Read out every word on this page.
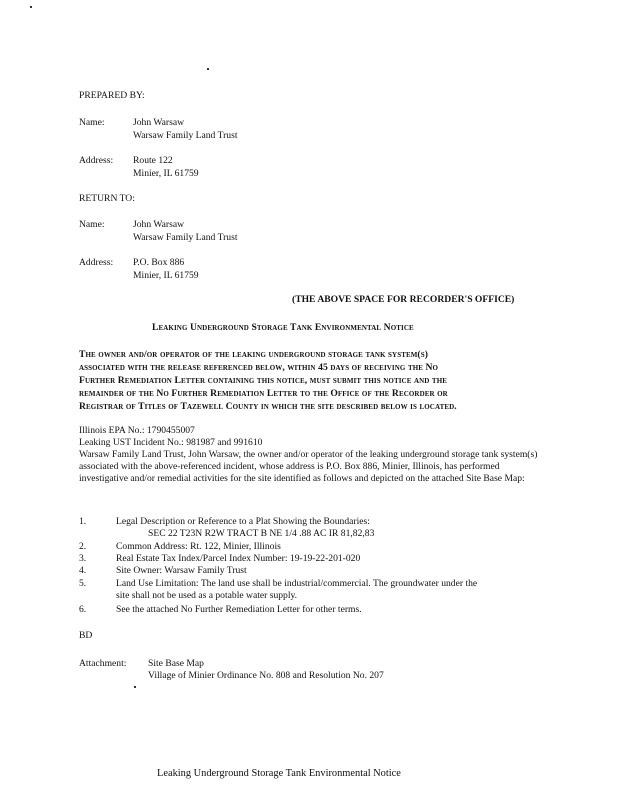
PREPARED BY:
Name:	John Warsaw
Warsaw Family Land Trust
Address: Route 122
Minier, IL 61759
RETURN TO:
Name:	John Warsaw
Warsaw Family Land Trust
Address: P.O. Box 886
Minier, IL 61759
(THE ABOVE SPACE FOR RECORDER'S OFFICE)
Leaking Underground Storage Tank Environmental Notice
The owner and/or operator of the leaking underground storage tank system(s)
associated with the release referenced below, within 45 days of receiving the No
Further Remediation Letter containing this notice, must submit this notice and the
remainder of the No Further Remediation Letter to the Office of the Recorder or
Registrar of Titles of Tazewell County in which the site described below is located.
Illinois EPA No.: 1790455007
Leaking UST Incident No.: 981987 and 991610
Warsaw Family Land Trust, John Warsaw, the owner and/or operator of the leaking underground storage tank system(s) associated with the above-referenced incident, whose address is P.O. Box 886, Minier, Illinois, has performed investigative and/or remedial activities for the site identified as follows and depicted on the attached Site Base Map:
1.	Legal Description or Reference to a Plat Showing the Boundaries:
SEC 22 T23N R2W TRACT B NE 1/4 .88 AC IR 81,82,83
2.	Common Address: Rt. 122, Minier, Illinois
3.	Real Estate Tax Index/Parcel Index Number: 19-19-22-201-020
4.	Site Owner: Warsaw Family Trust
5.	Land Use Limitation: The land use shall be industrial/commercial. The groundwater under the
site shall not be used as a potable water supply.
6.	See the attached No Further Remediation Letter for other terms.
BD
Attachment: Site Base Map
Village of Minier Ordinance No. 808 and Resolution No. 207
Leaking Underground Storage Tank Environmental Notice
